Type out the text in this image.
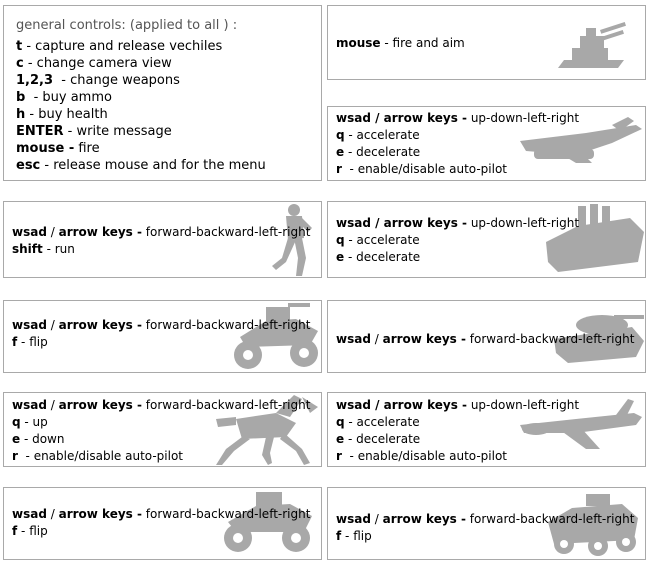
general controls: (applied to all ) :
t - capture and release vechiles
c - change camera view
1,2,3  - change weapons
b  - buy ammo
h - buy health
ENTER - write message
mouse - fire
esc - release mouse and for the menu
mouse - fire and aim
wsad / arrow keys - up-down-left-right
q - accelerate
e - decelerate
r  - enable/disable auto-pilot
wsad / arrow keys - forward-backward-left-right
shift - run
wsad / arrow keys - up-down-left-right
q - accelerate
e - decelerate
wsad / arrow keys - forward-backward-left-right
f - flip	wsad / arrow keys - forward-backward-left-right
wsad / arrow keys - forward-backward-left-right
q - up
e - down
r  - enable/disable auto-pilot
wsad / arrow keys - up-down-left-right
q - accelerate
e - decelerate
r  - enable/disable auto-pilot
wsad / arrow keys - forward-backward-left-right
f - flip
wsad / arrow keys - forward-backward-left-right
f - flip
